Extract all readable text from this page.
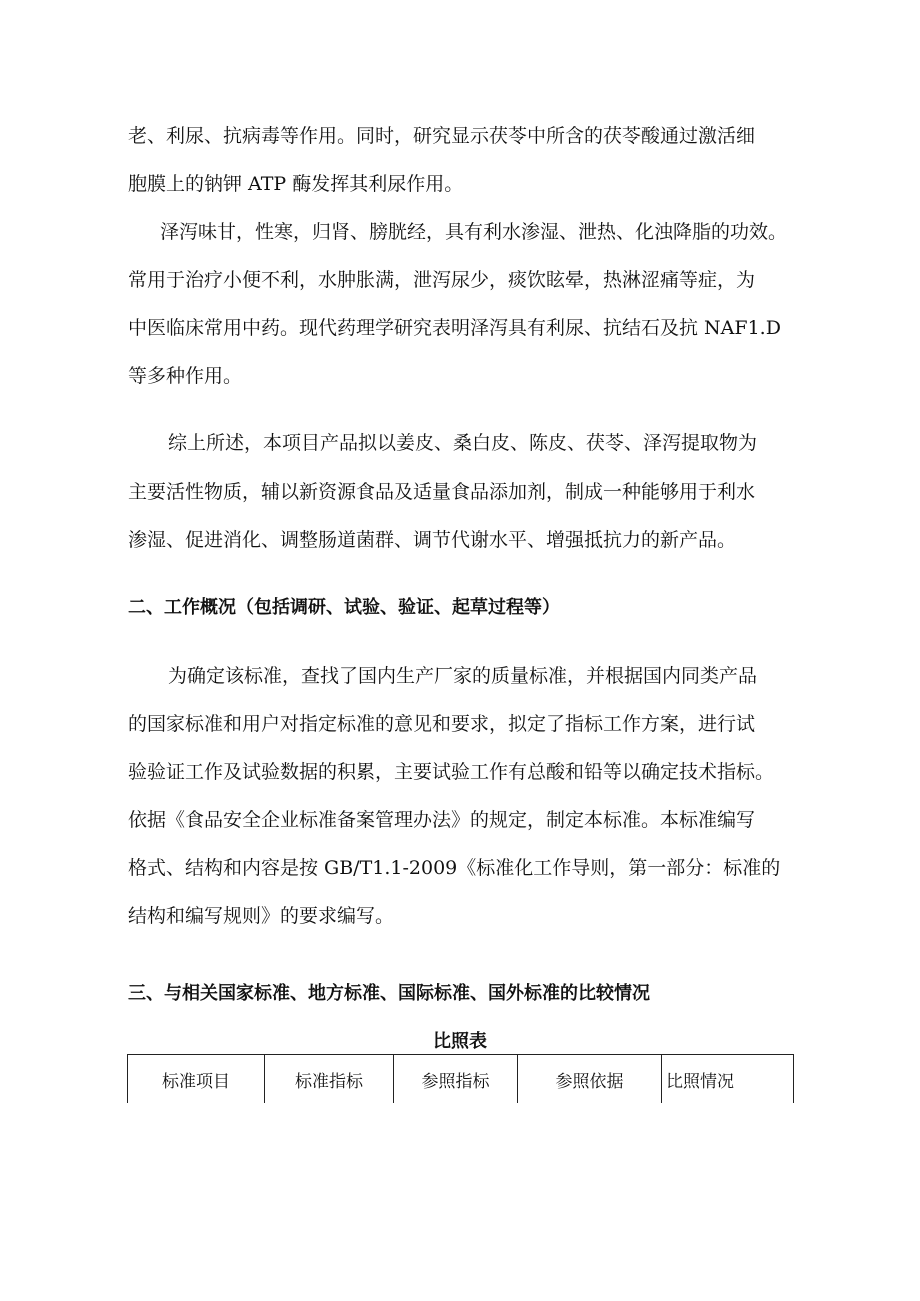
老、利尿、抗病毒等作用。同时，研究显示茯苓中所含的茯苓酸通过激活细
胞膜上的钠钾 ATP 酶发挥其利尿作用。
泽泻味甘，性寒，归肾、膀胱经，具有利水渗湿、泄热、化浊降脂的功效。
常用于治疗小便不利，水肿胀满，泄泻尿少，痰饮眩晕，热淋涩痛等症，为
中医临床常用中药。现代药理学研究表明泽泻具有利尿、抗结石及抗 NAF1.D
等多种作用。
综上所述，本项目产品拟以姜皮、桑白皮、陈皮、茯苓、泽泻提取物为
主要活性物质，辅以新资源食品及适量食品添加剂，制成一种能够用于利水
渗湿、促进消化、调整肠道菌群、调节代谢水平、增强抵抗力的新产品。
二、工作概况（包括调研、试验、验证、起草过程等）
为确定该标准，查找了国内生产厂家的质量标准，并根据国内同类产品
的国家标准和用户对指定标准的意见和要求，拟定了指标工作方案，进行试
验验证工作及试验数据的积累，主要试验工作有总酸和铅等以确定技术指标。
依据《食品安全企业标准备案管理办法》的规定，制定本标准。本标准编写
格式、结构和内容是按 GB/T1.1-2009《标准化工作导则，第一部分：标准的
结构和编写规则》的要求编写。
三、与相关国家标准、地方标准、国际标准、国外标准的比较情况
比照表
标准项目	标准指标	参照指标	参照依据	比照情况
